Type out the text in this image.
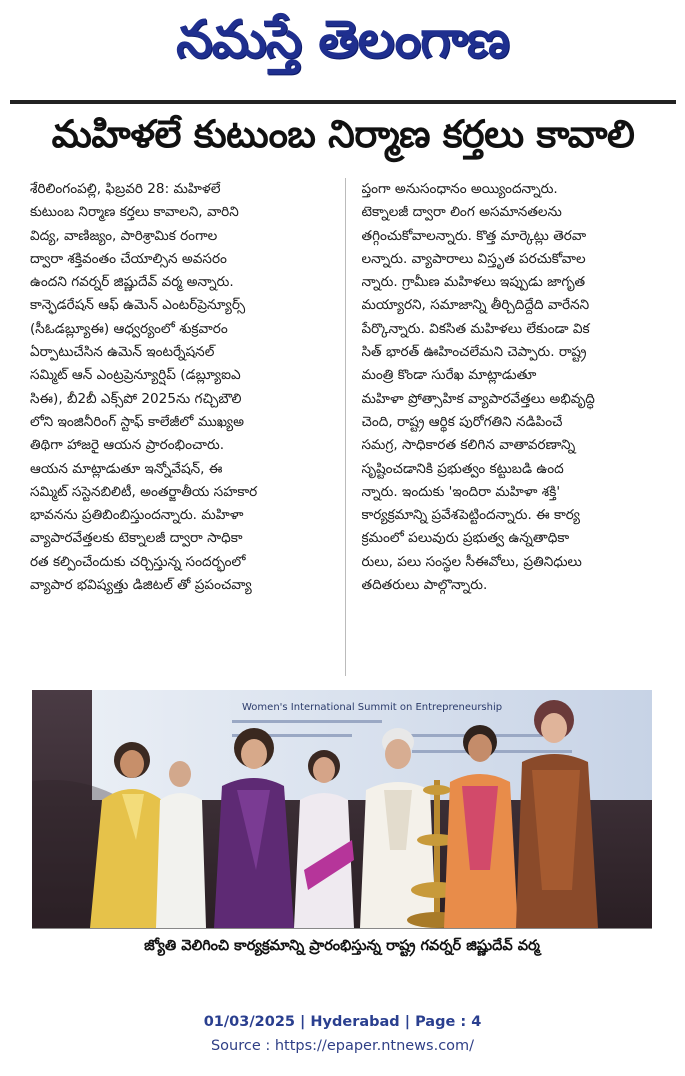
నమస్తే తెలంగాణ
మహిళలే కుటుంబ నిర్మాణ కర్తలు కావాలి
శేరిలింగంపల్లి, ఫిబ్రవరి 28: మహిళలే
కుటుంబ నిర్మాణ కర్తలు కావాలని, వారిని
విద్య, వాణిజ్యం, పారిశ్రామిక రంగాల
ద్వారా శక్తివంతం చేయాల్సిన అవసరం
ఉందని గవర్నర్ జిష్ణుదేవ్ వర్మ అన్నారు.
కాన్ఫెడరేషన్ ఆఫ్ ఉమెన్ ఎంటర్‌ప్రెన్యూర్స్
(సీఓడబ్ల్యూఈ) ఆధ్వర్యంలో శుక్రవారం
ఏర్పాటుచేసిన ఉమెన్ ఇంటర్నేషనల్
సమ్మిట్ ఆన్ ఎంట్రప్రెన్యూర్షిప్ (డబ్ల్యూఐఎ
సిఈ), బీ2బీ ఎక్స్‌పో 2025ను గచ్చిబౌలి
లోని ఇంజినీరింగ్ స్టాఫ్ కాలేజీలో ముఖ్యఅ
తిథిగా హాజరై ఆయన ప్రారంభించారు.
ఆయన మాట్లాడుతూ ఇన్నోవేషన్, ఈ
సమ్మిట్ సస్టెనబిలిటీ, అంతర్జాతీయ సహకార
భావనను ప్రతిబింబిస్తుందన్నారు. మహిళా
వ్యాపారవేత్తలకు టెక్నాలజీ ద్వారా సాధికా
రత కల్పించేందుకు చర్చిస్తున్న సందర్భంలో
వ్యాపార భవిష్యత్తు డిజిటల్ తో ప్రపంచవ్యా
ప్తంగా అనుసంధానం అయ్యిందన్నారు.
టెక్నాలజీ ద్వారా లింగ అసమానతలను
తగ్గించుకోవాలన్నారు. కొత్త మార్కెట్లు తెరవా
లన్నారు. వ్యాపారాలు విస్తృత పరచుకోవాల
న్నారు. గ్రామీణ మహిళలు ఇప్పుడు జాగృత
మయ్యారని, సమాజాన్ని తీర్చిదిద్దేది వారేనని
పేర్కొన్నారు. వికసిత మహిళలు లేకుండా విక
సిత్ భారత్ ఊహించలేమని చెప్పారు. రాష్ట్ర
మంత్రి కొండా సురేఖ మాట్లాడుతూ
మహిళా ప్రోత్సాహిక వ్యాపారవేత్తలు అభివృద్ధి
చెంది, రాష్ట్ర ఆర్థిక పురోగతిని నడిపించే
సమగ్ర, సాధికారత కలిగిన వాతావరణాన్ని
సృష్టించడానికి ప్రభుత్వం కట్టుబడి ఉంద
న్నారు. ఇందుకు 'ఇందిరా మహిళా శక్తి'
కార్యక్రమాన్ని ప్రవేశపెట్టిందన్నారు. ఈ కార్య
క్రమంలో పలువురు ప్రభుత్వ ఉన్నతాధికా
రులు, పలు సంస్థల సీఈవోలు, ప్రతినిధులు
తదితరులు పాల్గొన్నారు.
Women's International Summit on Entrepreneurship

జ్యోతి వెలిగించి కార్యక్రమాన్ని ప్రారంభిస్తున్న రాష్ట్ర గవర్నర్ జిష్ణుదేవ్ వర్మ

01/03/2025 | Hyderabad | Page : 4
Source : https://epaper.ntnews.com/
